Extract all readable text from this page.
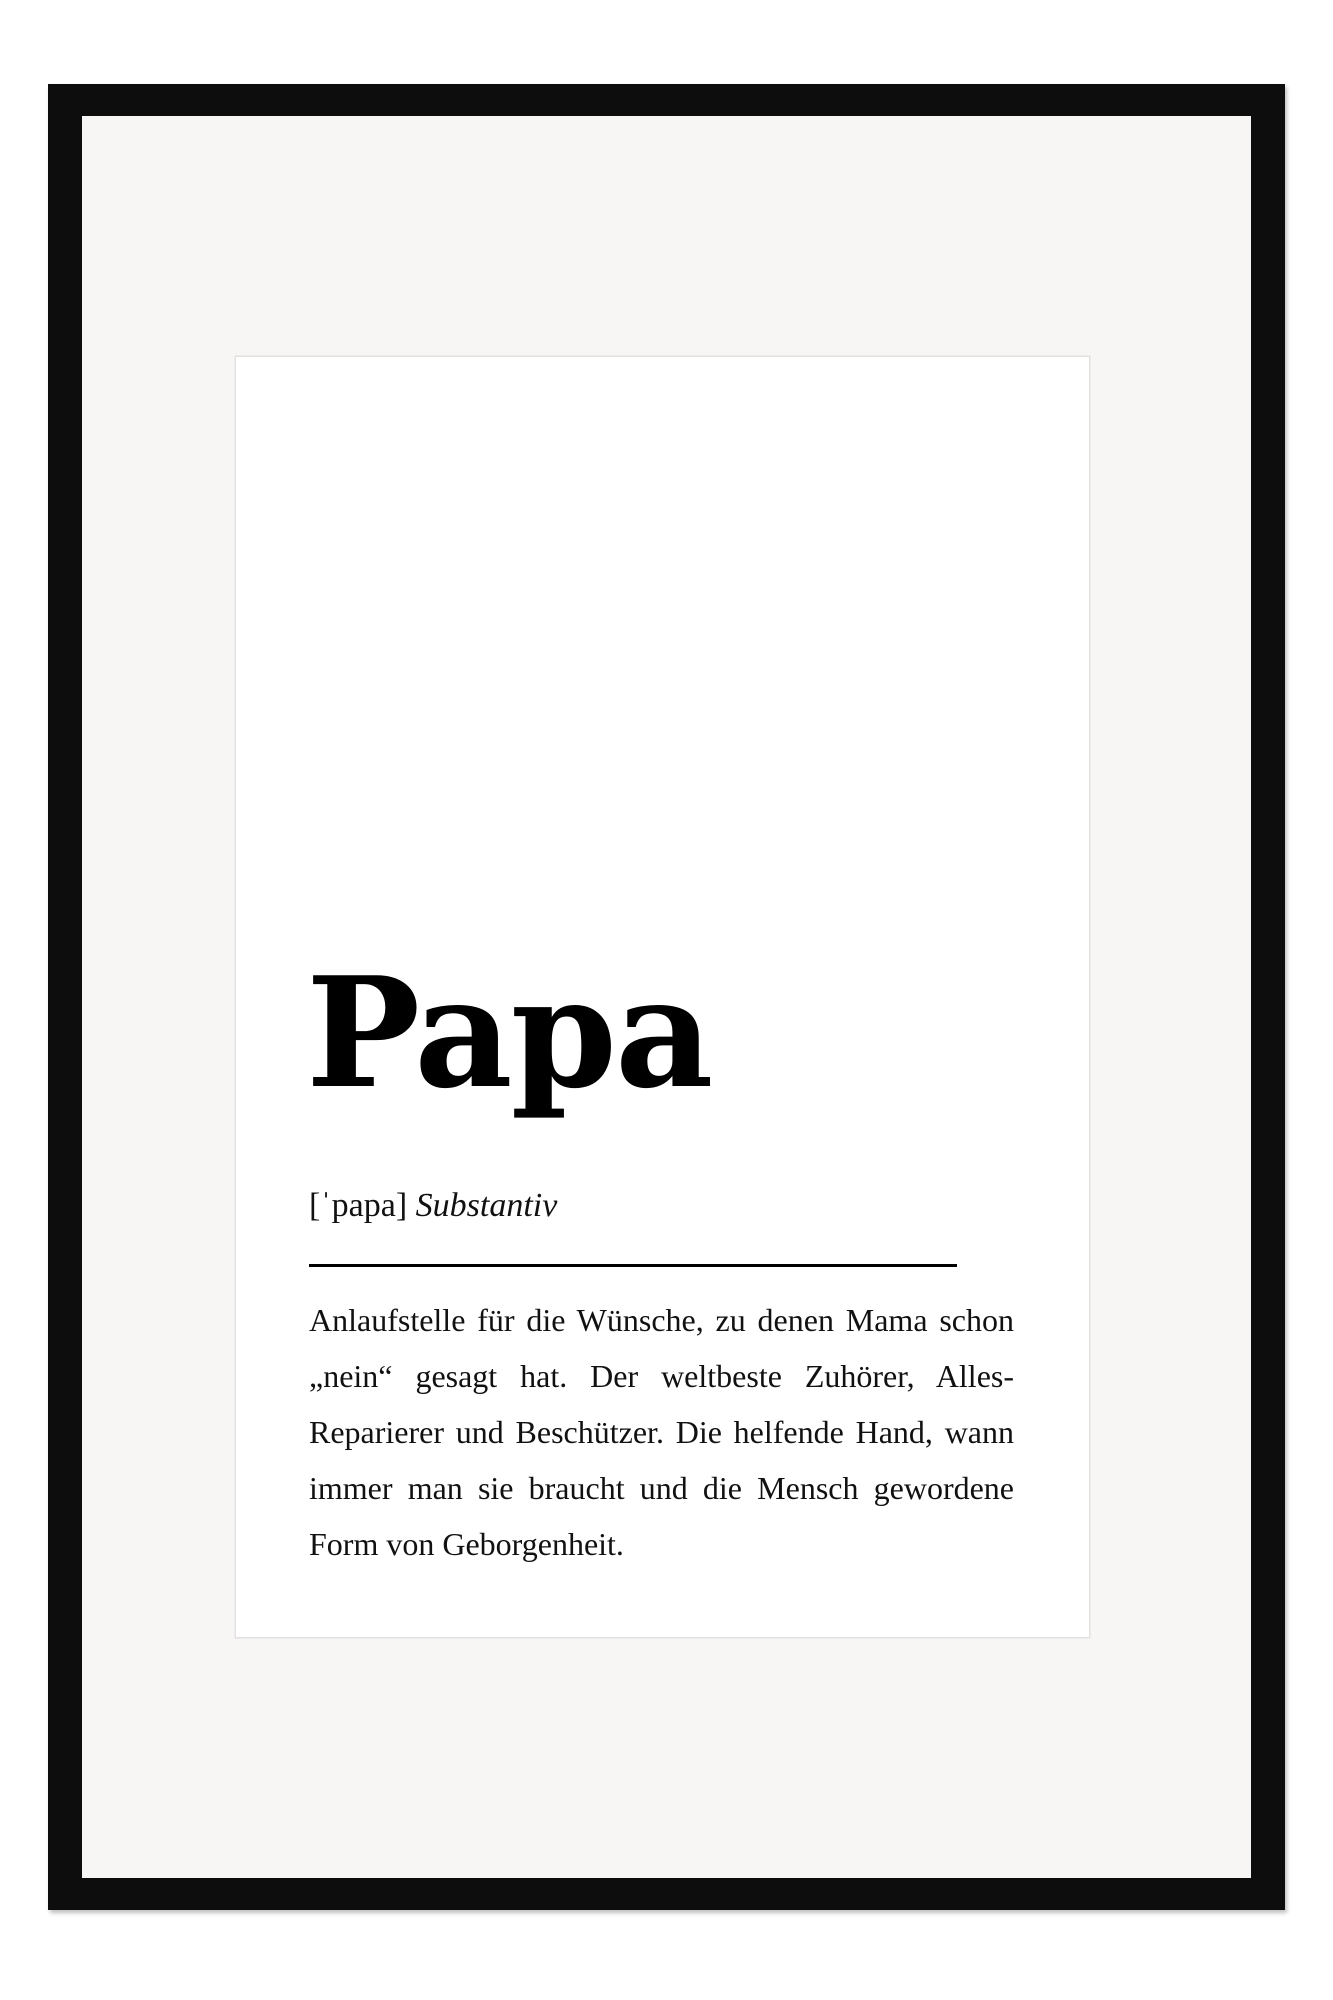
Papa
[ˈpapa] Substantiv

Anlaufstelle für die Wünsche, zu denen Mama schon „nein“ gesagt hat. Der weltbeste Zuhörer, Alles-Reparierer und Beschützer. Die helfende Hand, wann immer man sie braucht und die Mensch gewordene Form von Geborgenheit.
